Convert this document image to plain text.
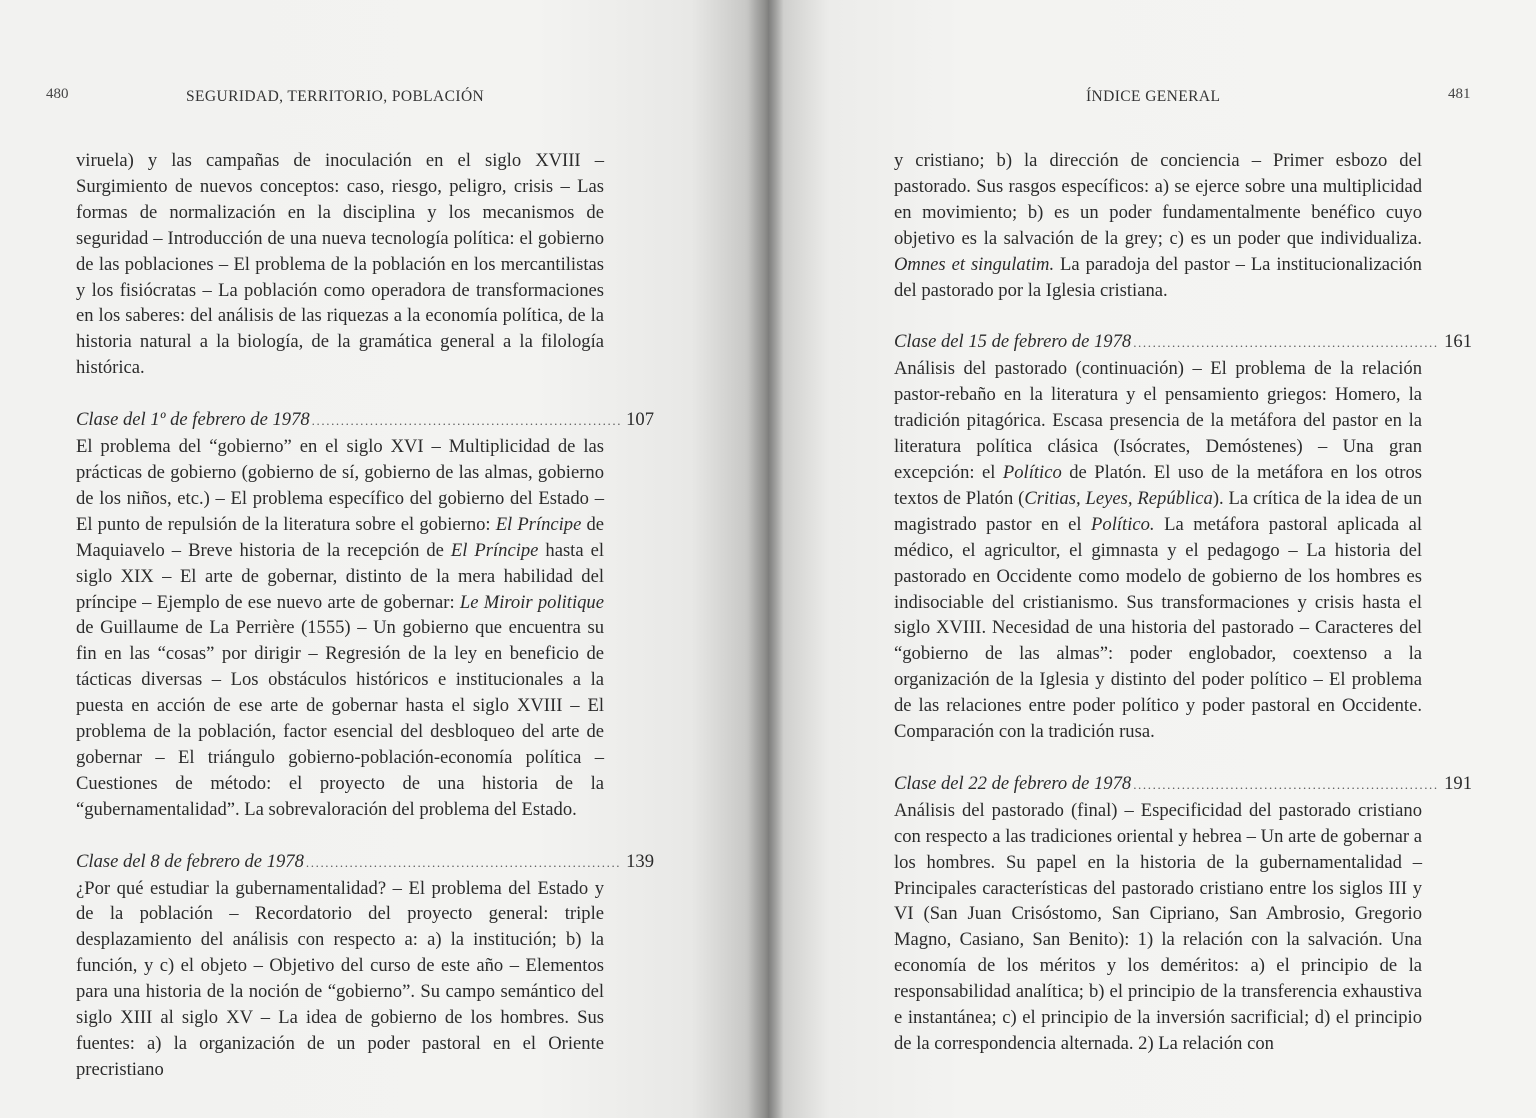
480	SEGURIDAD, TERRITORIO, POBLACIÓN

viruela) y las campañas de inoculación en el siglo XVIII – Surgimiento de nuevos conceptos: caso, riesgo, peligro, crisis – Las formas de normalización en la disciplina y los mecanismos de seguridad – Introducción de una nueva tecnología política: el gobierno de las poblaciones – El problema de la población en los mercantilistas y los fisiócratas – La población como operadora de transformaciones en los saberes: del análisis de las riquezas a la economía política, de la historia natural a la biología, de la gramática general a la filología histórica.

Clase del 1º de febrero de 1978 .....	107

El problema del “gobierno” en el siglo XVI – Multiplicidad de las prácticas de gobierno (gobierno de sí, gobierno de las almas, gobierno de los niños, etc.) – El problema específico del gobierno del Estado – El punto de repulsión de la literatura sobre el gobierno: El Príncipe de Maquiavelo – Breve historia de la recepción de El Príncipe hasta el siglo XIX – El arte de gobernar, distinto de la mera habilidad del príncipe – Ejemplo de ese nuevo arte de gobernar: Le Miroir politique de Guillaume de La Perrière (1555) – Un gobierno que encuentra su fin en las “cosas” por dirigir – Regresión de la ley en beneficio de tácticas diversas – Los obstáculos históricos e institucionales a la puesta en acción de ese arte de gobernar hasta el siglo XVIII – El problema de la población, factor esencial del desbloqueo del arte de gobernar – El triángulo gobierno-población-economía política – Cuestiones de método: el proyecto de una historia de la “gubernamentalidad”. La sobrevaloración del problema del Estado.

Clase del 8 de febrero de 1978 .....	139

¿Por qué estudiar la gubernamentalidad? – El problema del Estado y de la población – Recordatorio del proyecto general: triple desplazamiento del análisis con respecto a: a) la institución; b) la función, y c) el objeto – Objetivo del curso de este año – Elementos para una historia de la noción de “gobierno”. Su campo semántico del siglo XIII al siglo XV – La idea de gobierno de los hombres. Sus fuentes: a) la organización de un poder pastoral en el Oriente precristiano

ÍNDICE GENERAL	481

y cristiano; b) la dirección de conciencia – Primer esbozo del pastorado. Sus rasgos específicos: a) se ejerce sobre una multiplicidad en movimiento; b) es un poder fundamentalmente benéfico cuyo objetivo es la salvación de la grey; c) es un poder que individualiza. Omnes et singulatim. La paradoja del pastor – La institucionalización del pastorado por la Iglesia cristiana.

Clase del 15 de febrero de 1978 .....	161

Análisis del pastorado (continuación) – El problema de la relación pastor-rebaño en la literatura y el pensamiento griegos: Homero, la tradición pitagórica. Escasa presencia de la metáfora del pastor en la literatura política clásica (Isócrates, Demóstenes) – Una gran excepción: el Político de Platón. El uso de la metáfora en los otros textos de Platón (Critias, Leyes, República). La crítica de la idea de un magistrado pastor en el Político. La metáfora pastoral aplicada al médico, el agricultor, el gimnasta y el pedagogo – La historia del pastorado en Occidente como modelo de gobierno de los hombres es indisociable del cristianismo. Sus transformaciones y crisis hasta el siglo XVIII. Necesidad de una historia del pastorado – Caracteres del “gobierno de las almas”: poder englobador, coextenso a la organización de la Iglesia y distinto del poder político – El problema de las relaciones entre poder político y poder pastoral en Occidente. Comparación con la tradición rusa.

Clase del 22 de febrero de 1978 .....	191

Análisis del pastorado (final) – Especificidad del pastorado cristiano con respecto a las tradiciones oriental y hebrea – Un arte de gobernar a los hombres. Su papel en la historia de la gubernamentalidad – Principales características del pastorado cristiano entre los siglos III y VI (San Juan Crisóstomo, San Cipriano, San Ambrosio, Gregorio Magno, Casiano, San Benito): 1) la relación con la salvación. Una economía de los méritos y los deméritos: a) el principio de la responsabilidad analítica; b) el principio de la transferencia exhaustiva e instantánea; c) el principio de la inversión sacrificial; d) el principio de la correspondencia alternada. 2) La relación con
